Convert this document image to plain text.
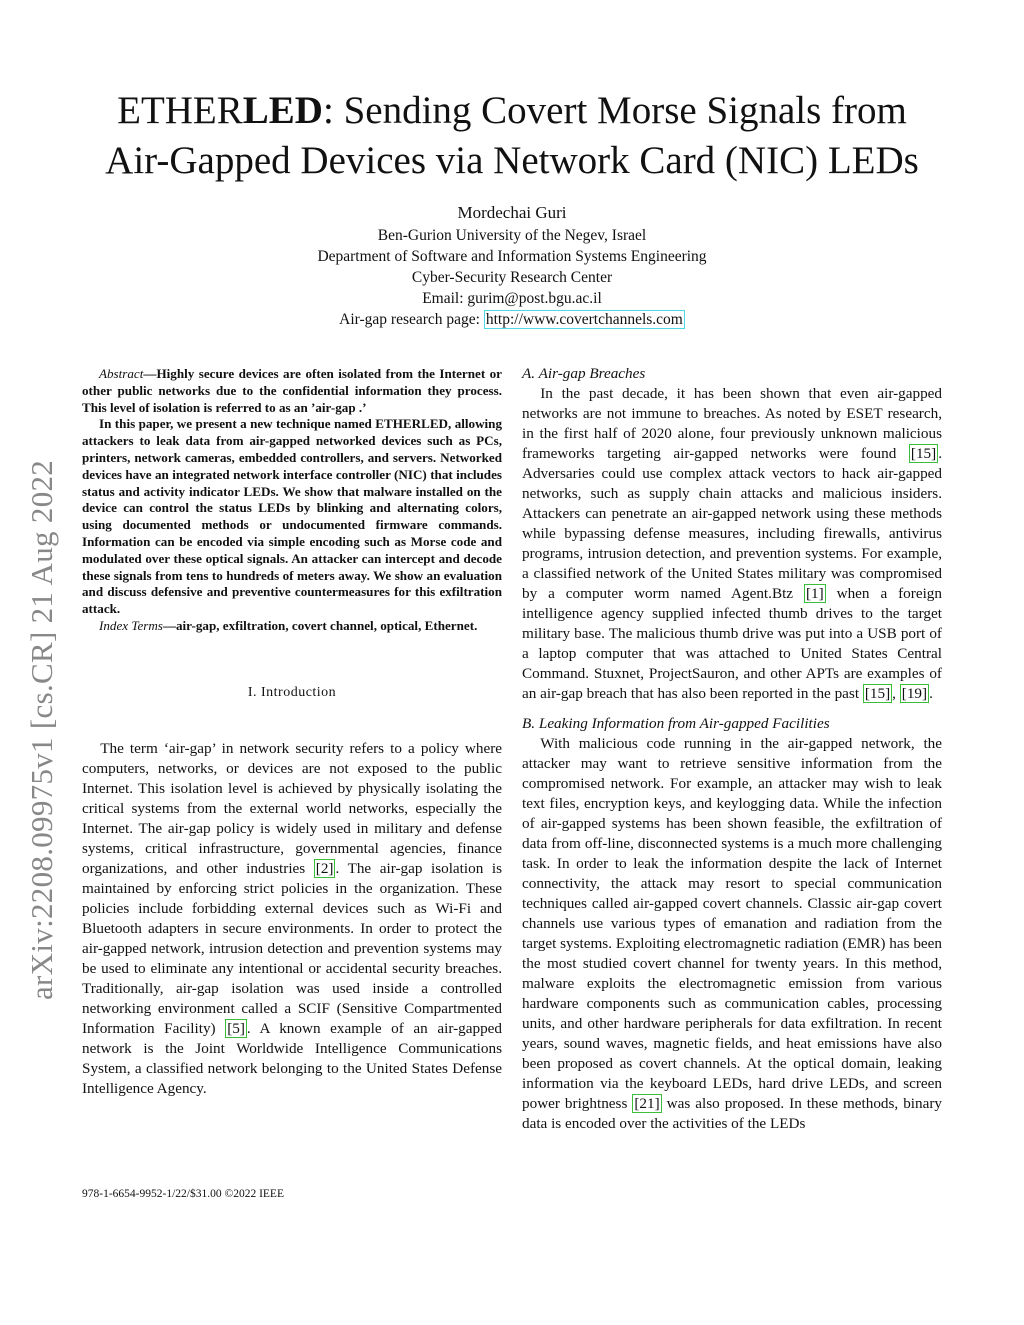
ETHERLED: Sending Covert Morse Signals from
Air-Gapped Devices via Network Card (NIC) LEDs
Mordechai Guri
Ben-Gurion University of the Negev, Israel
Department of Software and Information Systems Engineering
Cyber-Security Research Center
Email: gurim@post.bgu.ac.il
Air-gap research page: http://www.covertchannels.com
arXiv:2208.09975v1 [cs.CR] 21 Aug 2022

Abstract—Highly secure devices are often isolated from the Internet or other public networks due to the confidential information they process. This level of isolation is referred to as an ’air-gap .’

In this paper, we present a new technique named ETHERLED, allowing attackers to leak data from air-gapped networked devices such as PCs, printers, network cameras, embedded controllers, and servers. Networked devices have an integrated network interface controller (NIC) that includes status and activity indicator LEDs. We show that malware installed on the device can control the status LEDs by blinking and alternating colors, using documented methods or undocumented firmware commands. Information can be encoded via simple encoding such as Morse code and modulated over these optical signals. An attacker can intercept and decode these signals from tens to hundreds of meters away. We show an evaluation and discuss defensive and preventive countermeasures for this exfiltration attack.

Index Terms—air-gap, exfiltration, covert channel, optical, Ethernet.

I. Introduction

The term ‘air-gap’ in network security refers to a policy where computers, networks, or devices are not exposed to the public Internet. This isolation level is achieved by physically isolating the critical systems from the external world networks, especially the Internet. The air-gap policy is widely used in military and defense systems, critical infrastructure, governmental agencies, finance organizations, and other industries [2] . The air-gap isolation is maintained by enforcing strict policies in the organization. These policies include forbidding external devices such as Wi-Fi and Bluetooth adapters in secure environments. In order to protect the air-gapped network, intrusion detection and prevention systems may be used to eliminate any intentional or accidental security breaches. Traditionally, air-gap isolation was used inside a controlled networking environment called a SCIF (Sensitive Compartmented Information Facility) [5] . A known example of an air-gapped network is the Joint Worldwide Intelligence Communications System, a classified network belonging to the United States Defense Intelligence Agency.

978-1-6654-9952-1/22/$31.00 ©2022 IEEE

A. Air-gap Breaches

In the past decade, it has been shown that even air-gapped networks are not immune to breaches. As noted by ESET research, in the first half of 2020 alone, four previously unknown malicious frameworks targeting air-gapped networks were found [15] . Adversaries could use complex attack vectors to hack air-gapped networks, such as supply chain attacks and malicious insiders. Attackers can penetrate an air-gapped network using these methods while bypassing defense measures, including firewalls, antivirus programs, intrusion detection, and prevention systems. For example, a classified network of the United States military was compromised by a computer worm named Agent.Btz [1] when a foreign intelligence agency supplied infected thumb drives to the target military base. The malicious thumb drive was put into a USB port of a laptop computer that was attached to United States Central Command. Stuxnet, ProjectSauron, and other APTs are examples of an air-gap breach that has also been reported in the past [15] , [19] .

B. Leaking Information from Air-gapped Facilities

With malicious code running in the air-gapped network, the attacker may want to retrieve sensitive information from the compromised network. For example, an attacker may wish to leak text files, encryption keys, and keylogging data. While the infection of air-gapped systems has been shown feasible, the exfiltration of data from off-line, disconnected systems is a much more challenging task. In order to leak the information despite the lack of Internet connectivity, the attack may resort to special communication techniques called air-gapped covert channels. Classic air-gap covert channels use various types of emanation and radiation from the target systems. Exploiting electromagnetic radiation (EMR) has been the most studied covert channel for twenty years. In this method, malware exploits the electromagnetic emission from various hardware components such as communication cables, processing units, and other hardware peripherals for data exfiltration. In recent years, sound waves, magnetic fields, and heat emissions have also been proposed as covert channels. At the optical domain, leaking information via the keyboard LEDs, hard drive LEDs, and screen power brightness [21] was also proposed. In these methods, binary data is encoded over the activities of the LEDs
